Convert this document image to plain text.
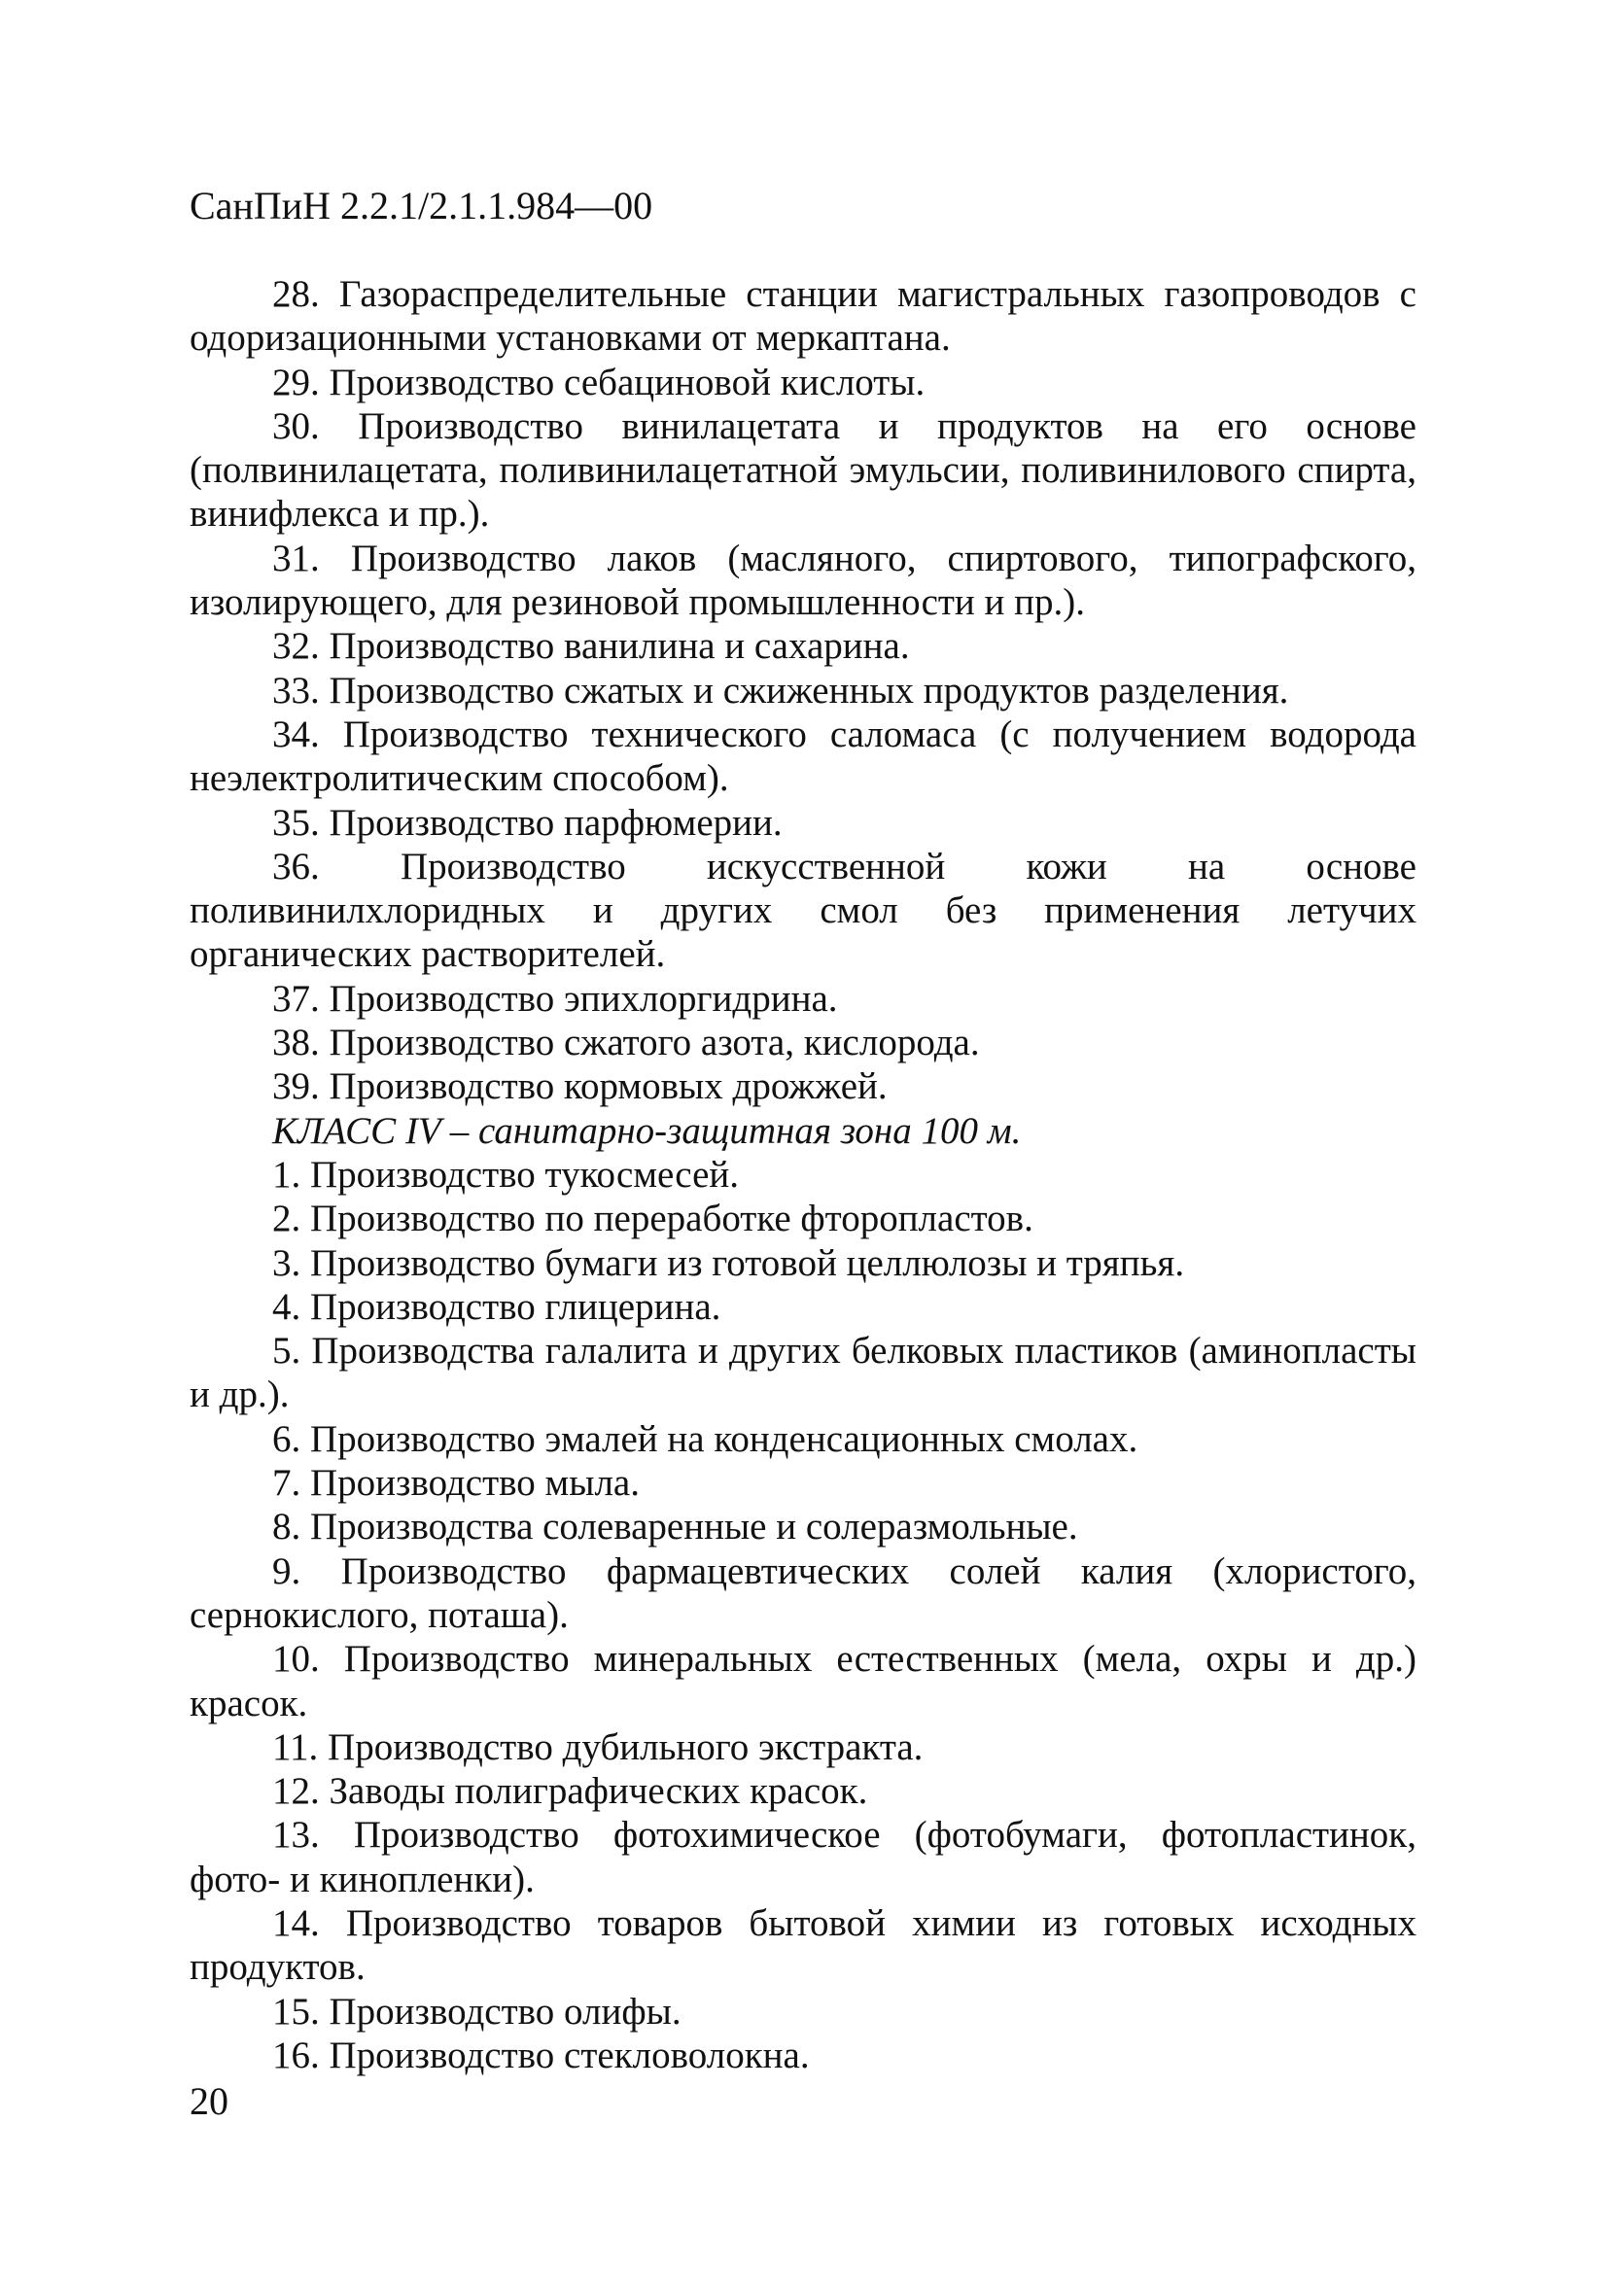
СанПиН 2.2.1/2.1.1.984—00

28. Газораспределительные станции магистральных газопроводов с одоризационными установками от меркаптана.

29. Производство себациновой кислоты.

30. Производство винилацетата и продуктов на его основе (полвинилацетата, поливинилацетатной эмульсии, поливинилового спирта, винифлекса и пр.).

31. Производство лаков (масляного, спиртового, типографского, изолирующего, для резиновой промышленности и пр.).

32. Производство ванилина и сахарина.

33. Производство сжатых и сжиженных продуктов разделения.

34. Производство технического саломаса (с получением водорода неэлектролитическим способом).

35. Производство парфюмерии.

36. Производство искусственной кожи на основе поливинилхлоридных и других смол без применения летучих органических растворителей.

37. Производство эпихлоргидрина.

38. Производство сжатого азота, кислорода.

39. Производство кормовых дрожжей.

КЛАСС IV – санитарно-защитная зона 100 м.

1. Производство тукосмесей.

2. Производство по переработке фторопластов.

3. Производство бумаги из готовой целлюлозы и тряпья.

4. Производство глицерина.

5. Производства галалита и других белковых пластиков (аминопласты и др.).

6. Производство эмалей на конденсационных смолах.

7. Производство мыла.

8. Производства солеваренные и солеразмольные.

9. Производство фармацевтических солей калия (хлористого, сернокислого, поташа).

10. Производство минеральных естественных (мела, охры и др.) красок.

11. Производство дубильного экстракта.

12. Заводы полиграфических красок.

13. Производство фотохимическое (фотобумаги, фотопластинок, фото- и кинопленки).

14. Производство товаров бытовой химии из готовых исходных продуктов.

15. Производство олифы.

16. Производство стекловолокна.

20
